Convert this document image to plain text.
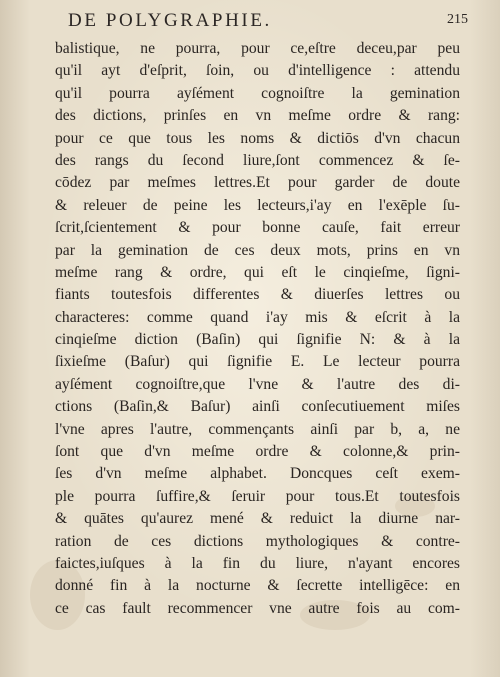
DE POLYGRAPHIE.	215
balistique, ne pourra, pour ce,eſtre deceu,par peu
qu'il ayt d'eſprit, ſoin, ou d'intelligence : attendu
qu'il pourra ayſément cognoiſtre la gemination
des dictions, prinſes en vn meſme ordre & rang:
pour ce que tous les noms & dictiōs d'vn chacun
des rangs du ſecond liure,ſont commencez & ſe-
cōdez par meſmes lettres.Et pour garder de doute
& releuer de peine les lecteurs,i'ay en l'exēple ſu-
ſcrit,ſcientement & pour bonne cauſe, fait erreur
par la gemination de ces deux mots, prins en vn
meſme rang & ordre, qui eſt le cinqieſme, ſigni-
fiants toutesfois differentes & diuerſes lettres ou
characteres: comme quand i'ay mis & eſcrit à la
cinqieſme diction (Baſin) qui ſignifie N: & à la
ſixieſme (Baſur) qui ſignifie E. Le lecteur pourra
ayſément cognoiſtre,que l'vne & l'autre des di-
ctions (Baſin,& Baſur) ainſi conſecutiuement miſes
l'vne apres l'autre, commençants ainſi par b, a, ne
ſont que d'vn meſme ordre & colonne,& prin-
ſes d'vn meſme alphabet. Doncques ceſt exem-
ple pourra ſuffire,& ſeruir pour tous.Et toutesfois
& quātes qu'aurez mené & reduict la diurne nar-
ration de ces dictions mythologiques & contre-
faictes,iuſques à la fin du liure, n'ayant encores
donné fin à la nocturne & ſecrette intelligēce: en
ce cas fault recommencer vne autre fois au com-
